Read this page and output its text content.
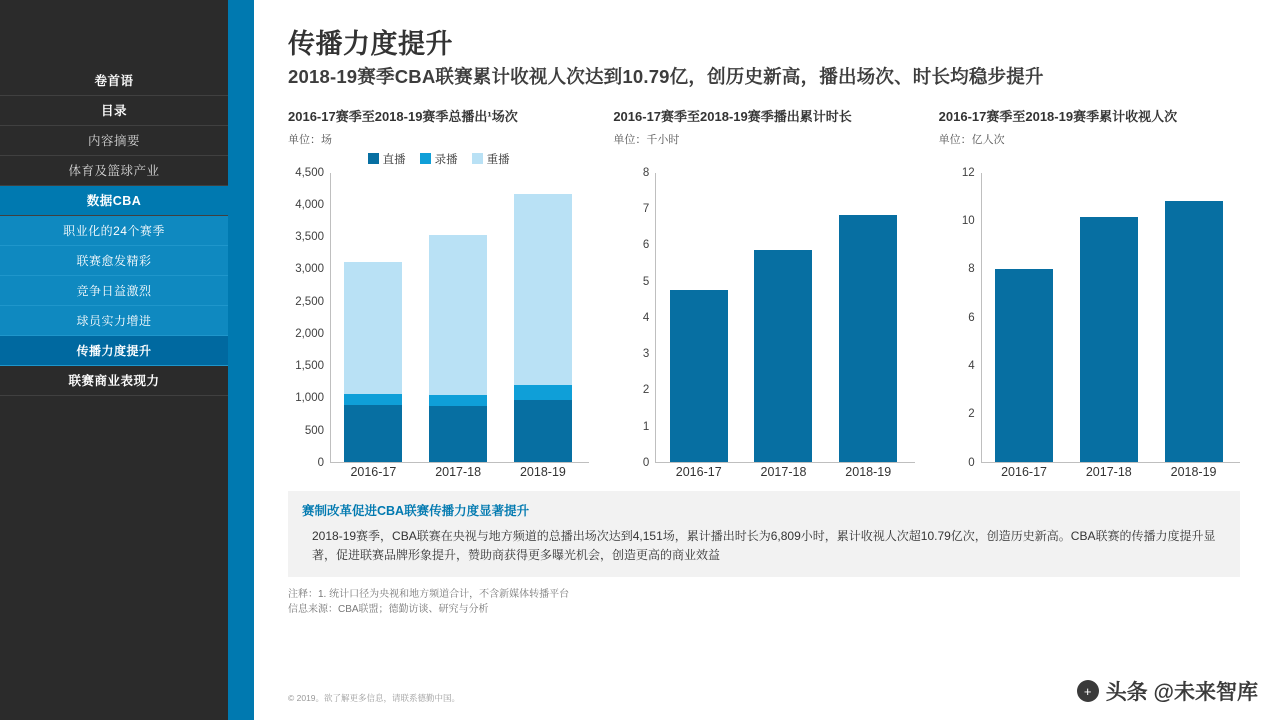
卷首语
目录
内容摘要
体育及篮球产业
数据CBA
职业化的24个赛季
联赛愈发精彩
竞争日益激烈
球员实力增进
传播力度提升
联赛商业表现力
传播力度提升
2018-19赛季CBA联赛累计收视人次达到10.79亿，创历史新高，播出场次、时长均稳步提升
2016-17赛季至2018-19赛季总播出¹场次
单位：场
直播	录播	重播
0
500
1,000
1,500
2,000
2,500
3,000
3,500
4,000
4,500
2016-17	2017-18	2018-19
2016-17赛季至2018-19赛季播出累计时长
单位：千小时
0
1
2
3
4
5
6
7
8
2016-17	2017-18	2018-19
2016-17赛季至2018-19赛季累计收视人次
单位：亿人次
0
2
4
6
8
10
12
2016-17	2017-18	2018-19
赛制改革促进CBA联赛传播力度显著提升
2018-19赛季，CBA联赛在央视与地方频道的总播出场次达到4,151场，累计播出时长为6,809小时，累计收视人次超10.79亿次，创造历史新高。CBA联赛的传播力度提升显著，促进联赛品牌形象提升，赞助商获得更多曝光机会，创造更高的商业效益
注释：1. 统计口径为央视和地方频道合计，不含新媒体转播平台
信息来源：CBA联盟；德勤访谈、研究与分析
© 2019。欲了解更多信息，请联系德勤中国。	+ 头条 @未来智库
